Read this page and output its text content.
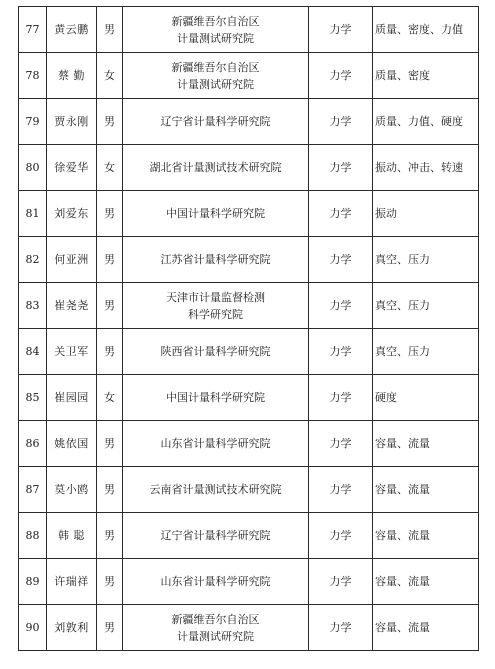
77	黄云鹏	男	新疆维吾尔自治区
计量测试研究院	力学	质量、密度、力值
78	蔡 勤	女	新疆维吾尔自治区
计量测试研究院	力学	质量、密度
79	贾永刚	男	辽宁省计量科学研究院	力学	质量、力值、硬度
80	徐爱华	女	湖北省计量测试技术研究院	力学	振动、冲击、转速
81	刘爱东	男	中国计量科学研究院	力学	振动
82	何亚洲	男	江苏省计量科学研究院	力学	真空、压力
83	崔尧尧	男	天津市计量监督检测
科学研究院	力学	真空、压力
84	关卫军	男	陕西省计量科学研究院	力学	真空、压力
85	崔园园	女	中国计量科学研究院	力学	硬度
86	姚依国	男	山东省计量科学研究院	力学	容量、流量
87	莫小鸥	男	云南省计量测试技术研究院	力学	容量、流量
88	韩 聪	男	辽宁省计量科学研究院	力学	容量、流量
89	许瑞祥	男	山东省计量科学研究院	力学	容量、流量
90	刘敦利	男	新疆维吾尔自治区
计量测试研究院	力学	容量、流量
